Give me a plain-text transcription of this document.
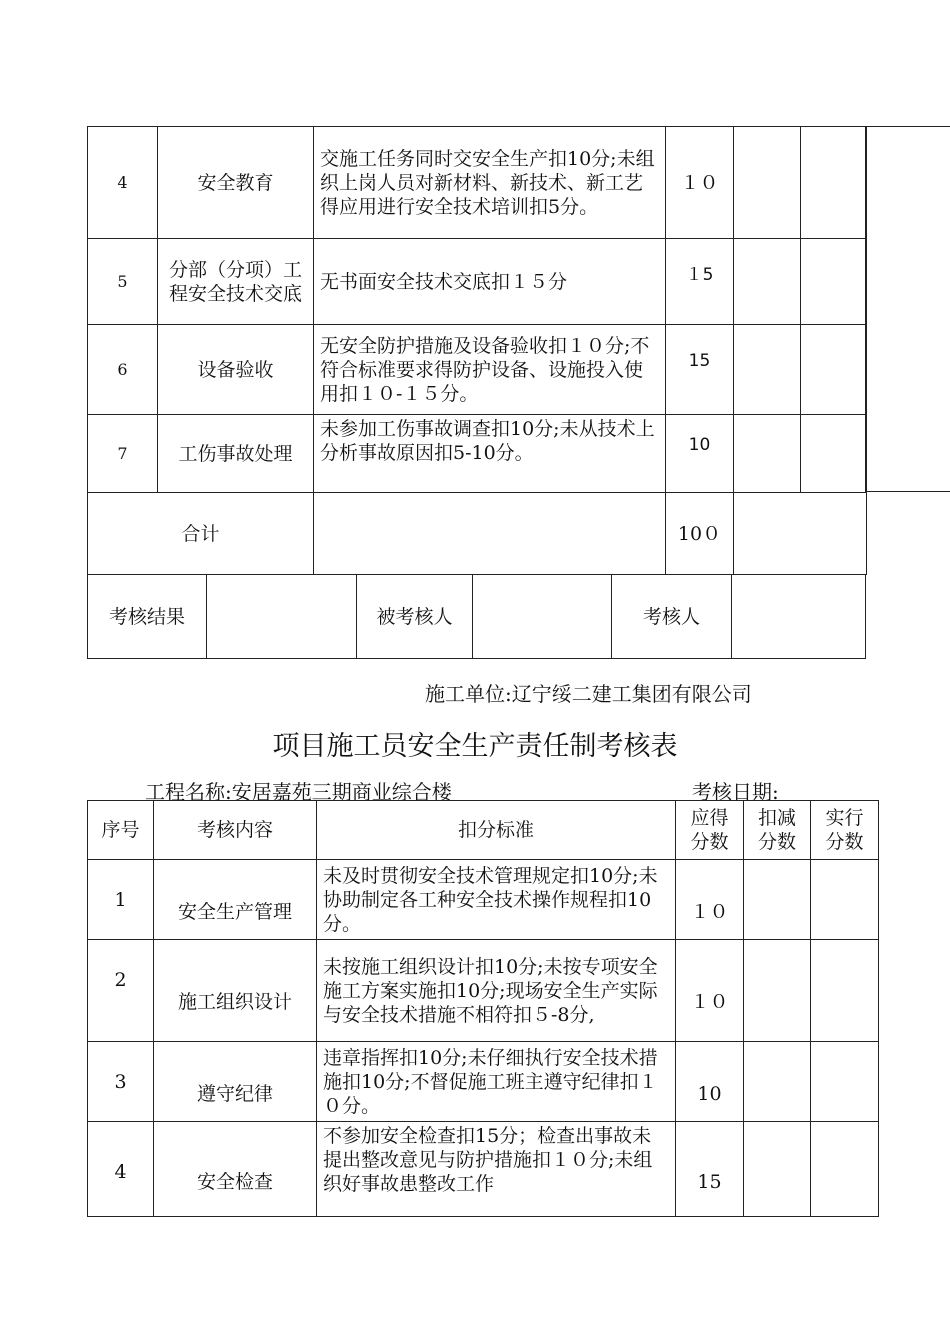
4	安全教育	交施工任务同时交安全生产扣10分;未组织上岗人员对新材料、新技术、新工艺得应用进行安全技术培训扣5分。	１０		
5	分部（分项）工程安全技术交底	无书面安全技术交底扣１５分	１5		
6	设备验收	无安全防护措施及设备验收扣１０分;不符合标准要求得防护设备、设施投入使用扣１０-１５分。	15		
7	工伤事故处理	未参加工伤事故调查扣10分;未从技术上分析事故原因扣5-10分。	10		
合计			10０		
考核结果		被考核人		考核人	
施工单位:辽宁绥二建工集团有限公司
项目施工员安全生产责任制考核表
工程名称:安居嘉苑三期商业综合楼	考核日期:
序号	考核内容	扣分标准	应得分数	扣减分数	实行分数
1	安全生产管理	未及时贯彻安全技术管理规定扣10分;未协助制定各工种安全技术操作规程扣10分。	１０		
2	施工组织设计	未按施工组织设计扣10分;未按专项安全施工方案实施扣10分;现场安全生产实际与安全技术措施不相符扣５-8分,	１０		
3	遵守纪律	违章指挥扣10分;未仔细执行安全技术措施扣10分;不督促施工班主遵守纪律扣１０分。	10		
4	安全检查	不参加安全检查扣15分；检查出事故未提出整改意见与防护措施扣１０分;未组织好事故患整改工作	15		
